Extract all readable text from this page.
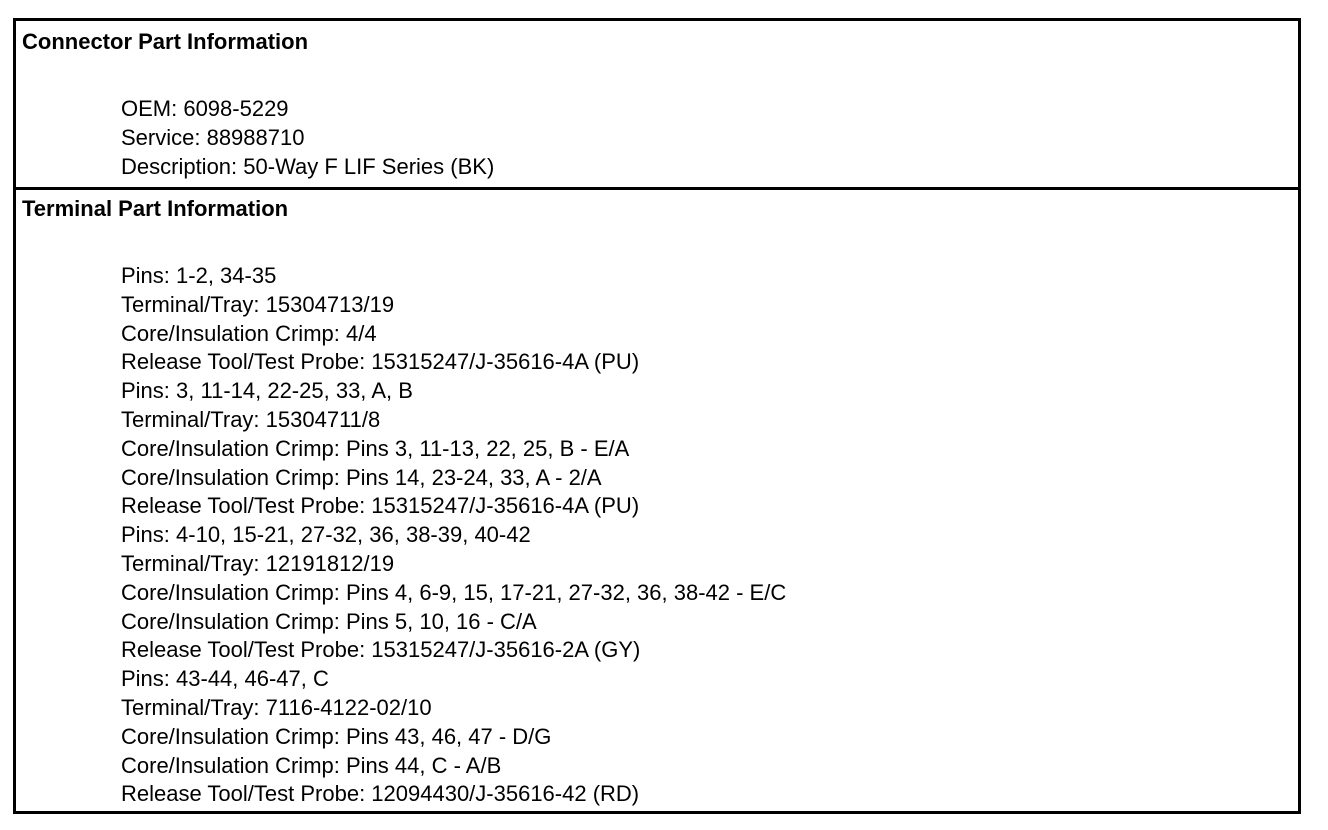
Connector Part Information
OEM: 6098-5229
Service: 88988710
Description: 50-Way F LIF Series (BK)
Terminal Part Information
Pins: 1-2, 34-35
Terminal/Tray: 15304713/19
Core/Insulation Crimp: 4/4
Release Tool/Test Probe: 15315247/J-35616-4A (PU)
Pins: 3, 11-14, 22-25, 33, A, B
Terminal/Tray: 15304711/8
Core/Insulation Crimp: Pins 3, 11-13, 22, 25, B - E/A
Core/Insulation Crimp: Pins 14, 23-24, 33, A - 2/A
Release Tool/Test Probe: 15315247/J-35616-4A (PU)
Pins: 4-10, 15-21, 27-32, 36, 38-39, 40-42
Terminal/Tray: 12191812/19
Core/Insulation Crimp: Pins 4, 6-9, 15, 17-21, 27-32, 36, 38-42 - E/C
Core/Insulation Crimp: Pins 5, 10, 16 - C/A
Release Tool/Test Probe: 15315247/J-35616-2A (GY)
Pins: 43-44, 46-47, C
Terminal/Tray: 7116-4122-02/10
Core/Insulation Crimp: Pins 43, 46, 47 - D/G
Core/Insulation Crimp: Pins 44, C - A/B
Release Tool/Test Probe: 12094430/J-35616-42 (RD)
